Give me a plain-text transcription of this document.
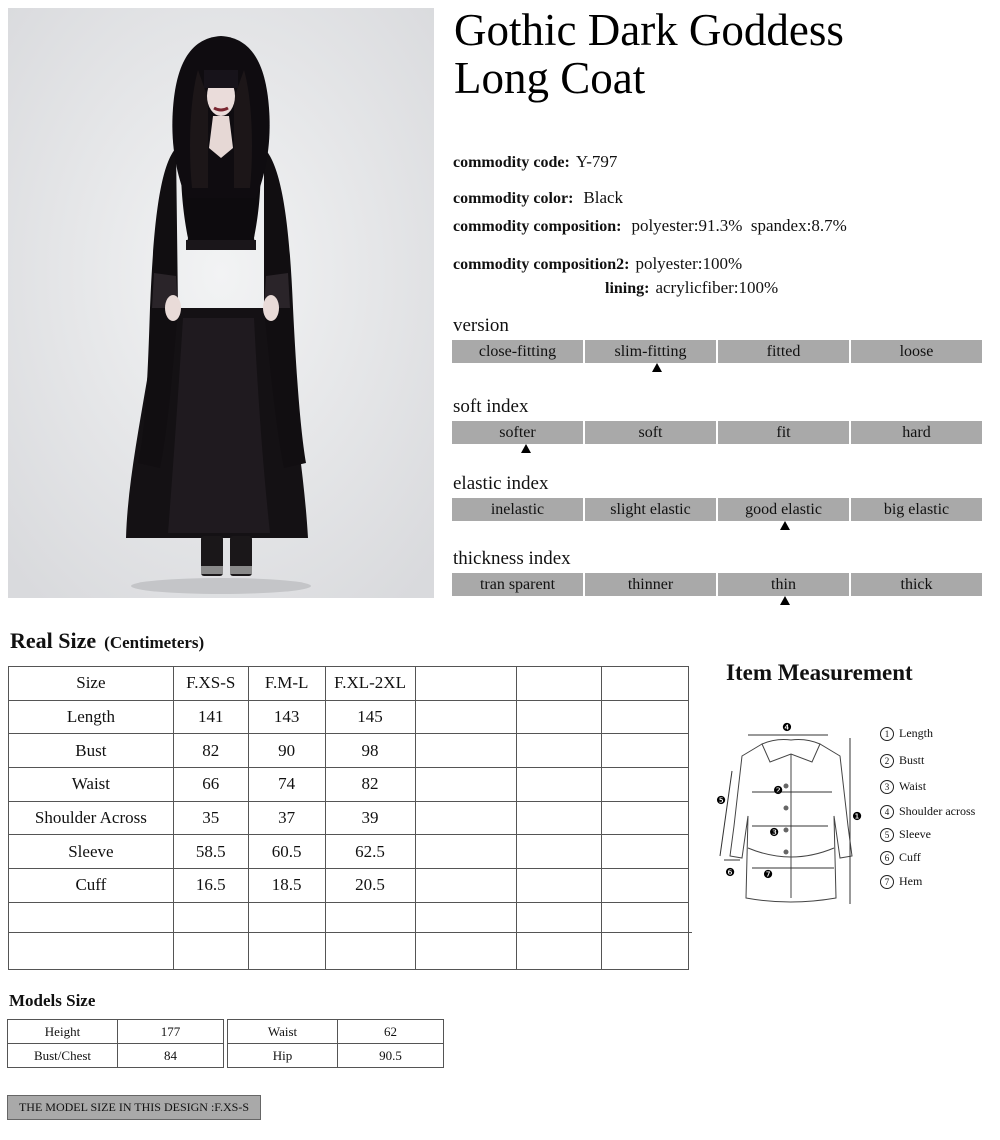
Gothic Dark Goddess
Long Coat
commodity code: Y-797
commodity color: Black
commodity composition: polyester:91.3%  spandex:8.7%
commodity composition2: polyester:100%
lining: acrylicfiber:100%
version
close-fitting	slim-fitting	fitted	loose
soft index
softer	soft	fit	hard
elastic index
inelastic	slight elastic	good elastic	big elastic
thickness index
tran sparent	thinner	thin	thick
Real Size (Centimeters)
Size	F.XS-S	F.M-L	F.XL-2XL			
Length	141	143	145			
Bust	82	90	98			
Waist	66	74	82			
Shoulder Across	35	37	39			
Sleeve	58.5	60.5	62.5			
Cuff	16.5	18.5	20.5			

Item Measurement
❹
❷
❺
❸
❶
❻	❼
1 Length
2 Bustt
3 Waist
4 Shoulder across
5 Sleeve
6 Cuff
7 Hem
Models Size
Height	177
Bust/Chest	84
Waist	62
Hip	90.5
THE MODEL SIZE IN THIS DESIGN :F.XS-S
